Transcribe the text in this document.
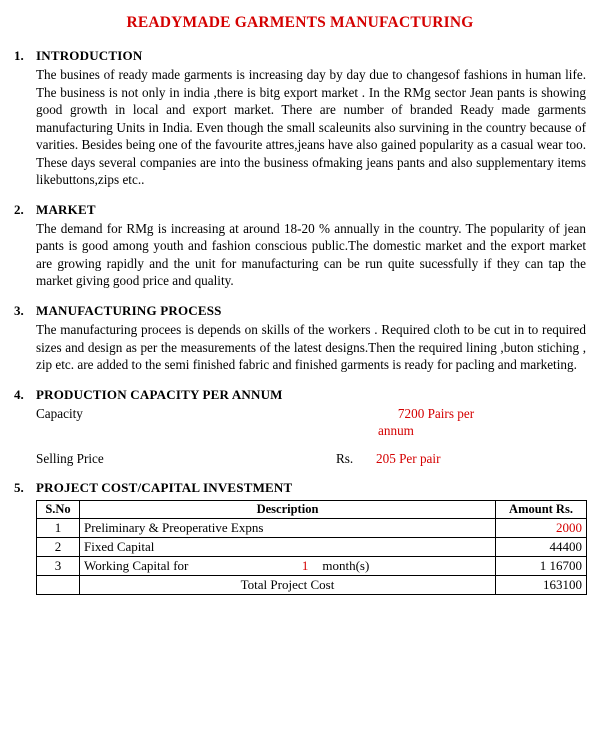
READYMADE GARMENTS MANUFACTURING
1. INTRODUCTION
The busines of ready made garments is increasing day by day due to changesof fashions in human life. The business is not only in india ,there is bitg export market . In the RMg sector Jean pants is showing good growth in local and export market. There are number of branded Ready made garments manufacturing Units in India. Even though the small scaleunits also survining in the country because of varities. Besides being one of the favourite attres,jeans have also gained popularity as a casual wear too. These days several companies are into the business ofmaking jeans pants and also supplementary items likebuttons,zips etc..
2. MARKET
The demand for RMg is increasing at around 18-20 % annually in the country. The popularity of jean pants is good among youth and fashion conscious public.The domestic market and the export market are growing rapidly and the unit for manufacturing can be run quite sucessfully if they can tap the market giving good price and quality.
3. MANUFACTURING PROCESS
The manufacturing procees is depends on skills of the workers . Required cloth to be cut in to required sizes and design as per the measurements of the latest designs.Then the required lining ,buton stiching , zip etc. are added to the semi finished fabric and finished garments is ready for pacling and marketing.
4. PRODUCTION CAPACITY PER ANNUM
Capacity	7200 Pairs per
annum
Selling Price	Rs.	205 Per pair
5. PROJECT COST/CAPITAL INVESTMENT
S.No	Description	Amount Rs.
1	Preliminary & Preoperative Expns	2000
2	Fixed Capital	44400
3	Working Capital for 1 month(s)	1 16700
	Total Project Cost	163100
